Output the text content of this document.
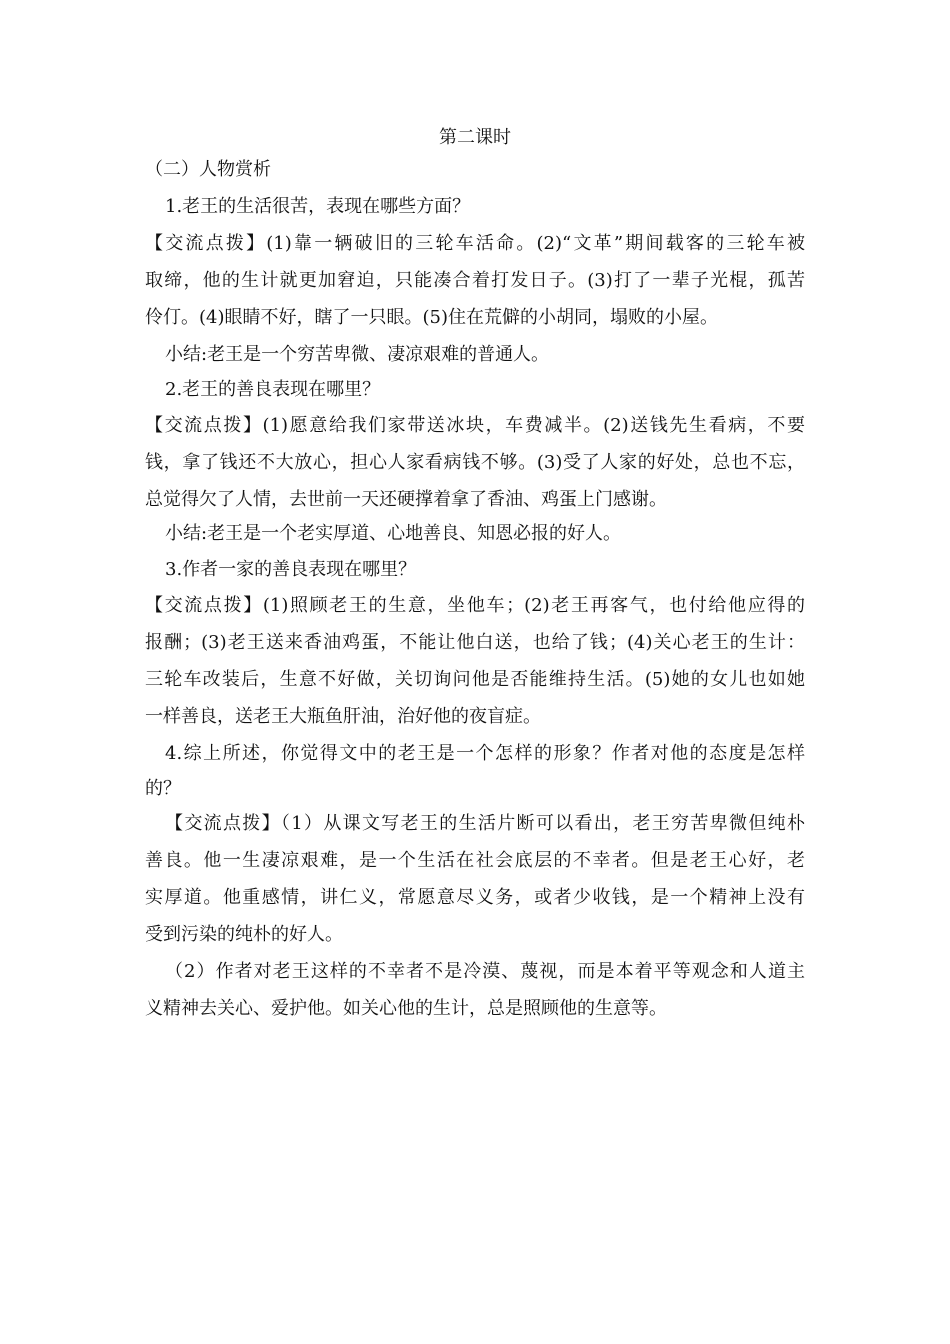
第二课时
（二）人物赏析
1.老王的生活很苦，表现在哪些方面？
【交流点拨】(1)靠一辆破旧的三轮车活命。(2)“文革”期间载客的三轮车被
取缔，他的生计就更加窘迫，只能凑合着打发日子。(3)打了一辈子光棍，孤苦
伶仃。(4)眼睛不好，瞎了一只眼。(5)住在荒僻的小胡同，塌败的小屋。
小结:老王是一个穷苦卑微、凄凉艰难的普通人。
2.老王的善良表现在哪里？
【交流点拨】(1)愿意给我们家带送冰块，车费减半。(2)送钱先生看病，不要
钱，拿了钱还不大放心，担心人家看病钱不够。(3)受了人家的好处，总也不忘，
总觉得欠了人情，去世前一天还硬撑着拿了香油、鸡蛋上门感谢。
小结:老王是一个老实厚道、心地善良、知恩必报的好人。
3.作者一家的善良表现在哪里？
【交流点拨】(1)照顾老王的生意，坐他车；(2)老王再客气，也付给他应得的
报酬；(3)老王送来香油鸡蛋，不能让他白送，也给了钱；(4)关心老王的生计：
三轮车改装后，生意不好做，关切询问他是否能维持生活。(5)她的女儿也如她
一样善良，送老王大瓶鱼肝油，治好他的夜盲症。
4.综上所述，你觉得文中的老王是一个怎样的形象？作者对他的态度是怎样
的？
【交流点拨】（1）从课文写老王的生活片断可以看出，老王穷苦卑微但纯朴
善良。他一生凄凉艰难，是一个生活在社会底层的不幸者。但是老王心好，老
实厚道。他重感情，讲仁义，常愿意尽义务，或者少收钱，是一个精神上没有
受到污染的纯朴的好人。
（2）作者对老王这样的不幸者不是冷漠、蔑视，而是本着平等观念和人道主
义精神去关心、爱护他。如关心他的生计，总是照顾他的生意等。
